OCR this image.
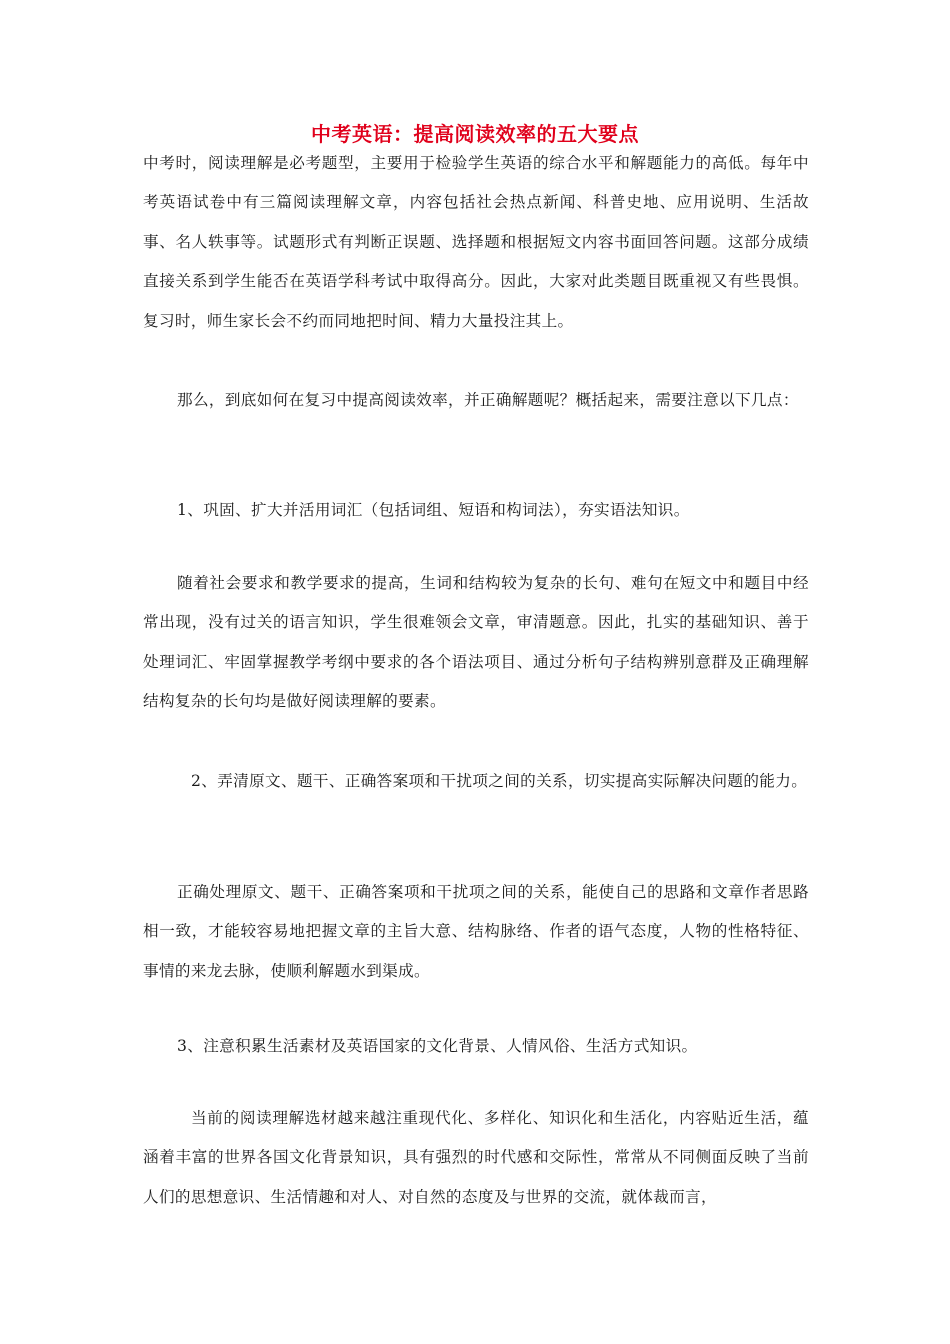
中考英语：提高阅读效率的五大要点
中考时，阅读理解是必考题型，主要用于检验学生英语的综合水平和解题能力的高低。每年中考英语试卷中有三篇阅读理解文章，内容包括社会热点新闻、科普史地、应用说明、生活故事、名人轶事等。试题形式有判断正误题、选择题和根据短文内容书面回答问题。这部分成绩直接关系到学生能否在英语学科考试中取得高分。因此，大家对此类题目既重视又有些畏惧。复习时，师生家长会不约而同地把时间、精力大量投注其上。
那么，到底如何在复习中提高阅读效率，并正确解题呢？概括起来，需要注意以下几点：
1、巩固、扩大并活用词汇（包括词组、短语和构词法），夯实语法知识。
随着社会要求和教学要求的提高，生词和结构较为复杂的长句、难句在短文中和题目中经常出现，没有过关的语言知识，学生很难领会文章，审清题意。因此，扎实的基础知识、善于处理词汇、牢固掌握教学考纲中要求的各个语法项目、通过分析句子结构辨别意群及正确理解结构复杂的长句均是做好阅读理解的要素。
2、弄清原文、题干、正确答案项和干扰项之间的关系，切实提高实际解决问题的能力。
正确处理原文、题干、正确答案项和干扰项之间的关系，能使自己的思路和文章作者思路相一致，才能较容易地把握文章的主旨大意、结构脉络、作者的语气态度，人物的性格特征、事情的来龙去脉，使顺利解题水到渠成。
3、注意积累生活素材及英语国家的文化背景、人情风俗、生活方式知识。
当前的阅读理解选材越来越注重现代化、多样化、知识化和生活化，内容贴近生活，蕴涵着丰富的世界各国文化背景知识，具有强烈的时代感和交际性，常常从不同侧面反映了当前人们的思想意识、生活情趣和对人、对自然的态度及与世界的交流，就体裁而言，
